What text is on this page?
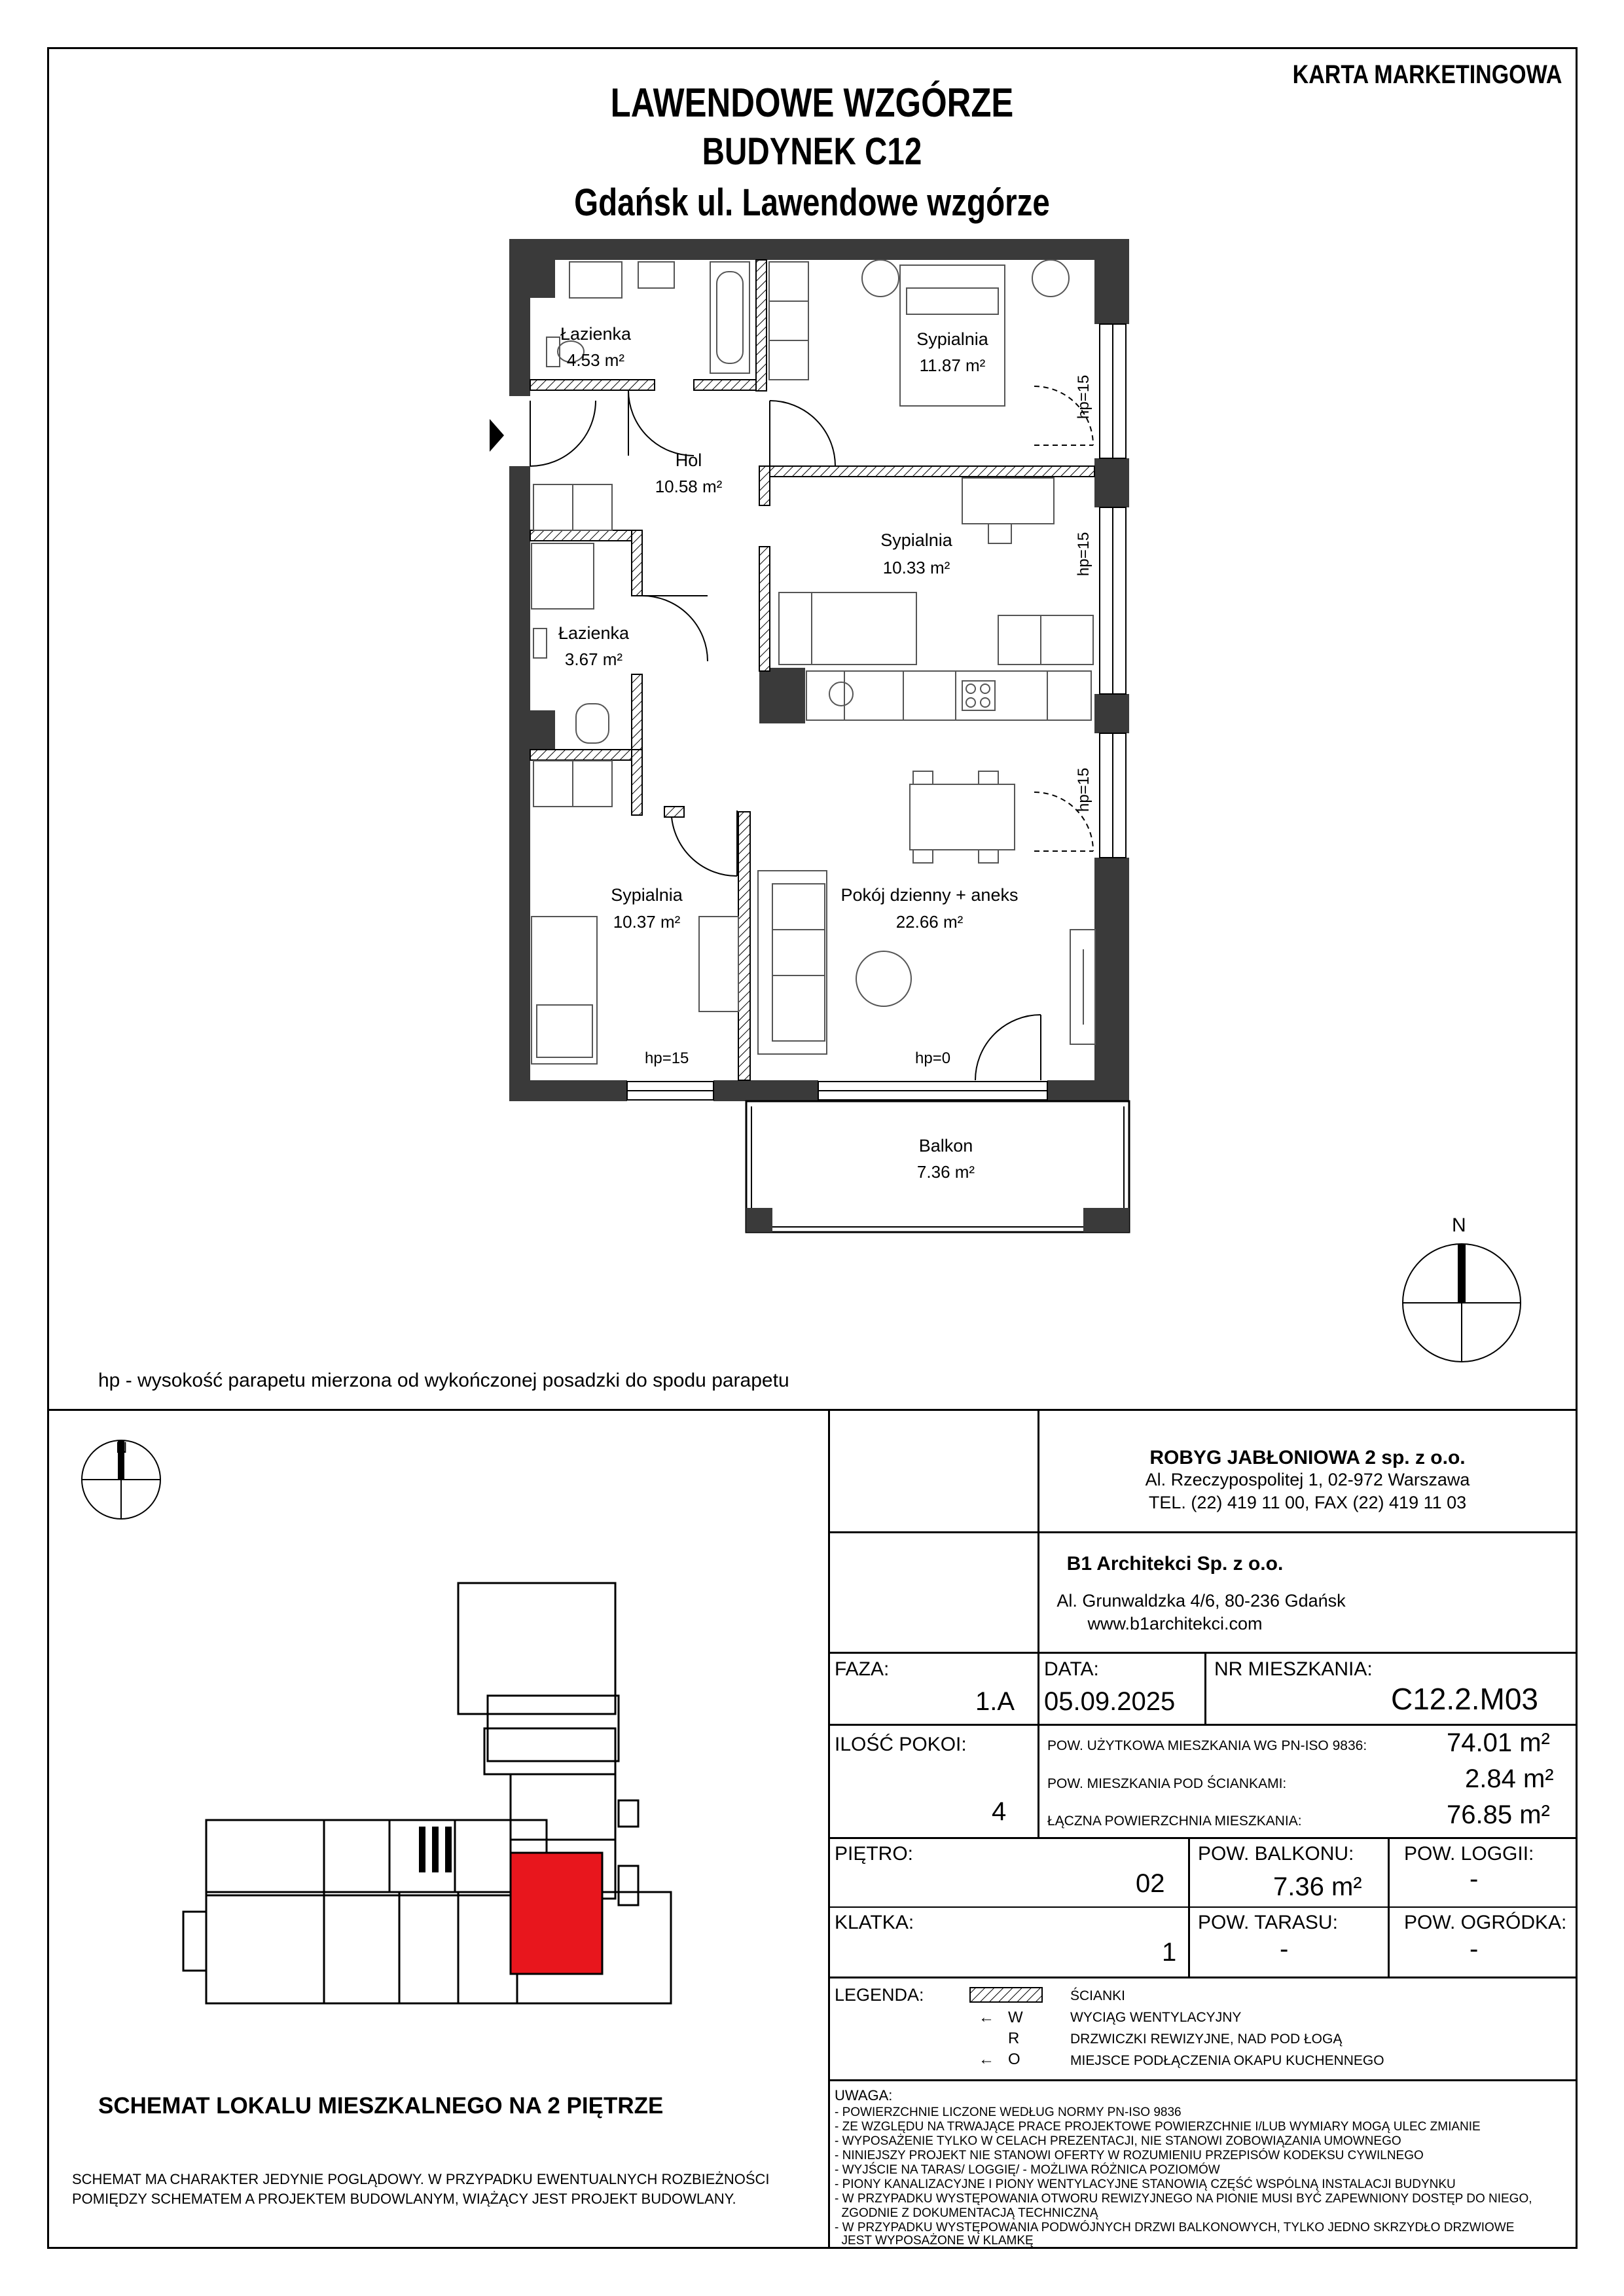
KARTA MARKETINGOWA
LAWENDOWE WZGÓRZE
BUDYNEK C12
Gdańsk ul. Lawendowe wzgórze
N
Łazienka
4.53 m²
Sypialnia
11.87 m²
Hol
10.58 m²
Sypialnia
10.33 m²
Łazienka
3.67 m²
Sypialnia
10.37 m²
Pokój dzienny + aneks
22.66 m²
Balkon
7.36 m²
hp=15
hp=15
hp=15
hp=15	hp=0
hp - wysokość parapetu mierzona od wykończonej posadzki do spodu parapetu
N
SCHEMAT LOKALU MIESZKALNEGO NA 2 PIĘTRZE
SCHEMAT MA CHARAKTER JEDYNIE POGLĄDOWY. W PRZYPADKU EWENTUALNYCH ROZBIEŻNOŚCI
POMIĘDZY SCHEMATEM A PROJEKTEM BUDOWLANYM, WIĄŻĄCY JEST PROJEKT BUDOWLANY.
ROBYG JABŁONIOWA 2 sp. z o.o.
Al. Rzeczypospolitej 1, 02-972 Warszawa
TEL. (22) 419 11 00, FAX (22) 419 11 03
B1 Architekci Sp. z o.o.
Al. Grunwaldzka 4/6, 80-236 Gdańsk
www.b1architekci.com
FAZA:
1.A
DATA:
05.09.2025
NR MIESZKANIA:
C12.2.M03
ILOŚĆ POKOI:
4
POW. UŻYTKOWA MIESZKANIA WG PN-ISO 9836:	74.01 m²
POW. MIESZKANIA POD ŚCIANKAMI:	2.84 m²
ŁĄCZNA POWIERZCHNIA MIESZKANIA:	76.85 m²
PIĘTRO:
02
POW. BALKONU:
7.36 m²
POW. LOGGII:
-
KLATKA:
1
POW. TARASU:
-
POW. OGRÓDKA:
-
LEGENDA:	ŚCIANKI
← W	WYCIĄG WENTYLACYJNY
R	DRZWICZKI REWIZYJNE, NAD POD ŁOGĄ
← O	MIEJSCE PODŁĄCZENIA OKAPU KUCHENNEGO
UWAGA:
- POWIERZCHNIE LICZONE WEDŁUG NORMY PN-ISO 9836
- ZE WZGLĘDU NA TRWAJĄCE PRACE PROJEKTOWE POWIERZCHNIE I/LUB WYMIARY MOGĄ ULEC ZMIANIE
- WYPOSAŻENIE TYLKO W CELACH PREZENTACJI, NIE STANOWI ZOBOWIĄZANIA UMOWNEGO
- NINIEJSZY PROJEKT NIE STANOWI OFERTY W ROZUMIENIU PRZEPISÓW KODEKSU CYWILNEGO
- WYJŚCIE NA TARAS/ LOGGIĘ/ - MOŻLIWA RÓŻNICA POZIOMÓW
- PIONY KANALIZACYJNE I PIONY WENTYLACYJNE STANOWIĄ CZĘŚĆ WSPÓLNĄ INSTALACJI BUDYNKU
- W PRZYPADKU WYSTĘPOWANIA OTWORU REWIZYJNEGO NA PIONIE MUSI BYĆ ZAPEWNIONY DOSTĘP DO NIEGO,
ZGODNIE Z DOKUMENTACJĄ TECHNICZNĄ
- W PRZYPADKU WYSTĘPOWANIA PODWÓJNYCH DRZWI BALKONOWYCH, TYLKO JEDNO SKRZYDŁO DRZWIOWE
JEST WYPOSAŻONE W KLAMKĘ
